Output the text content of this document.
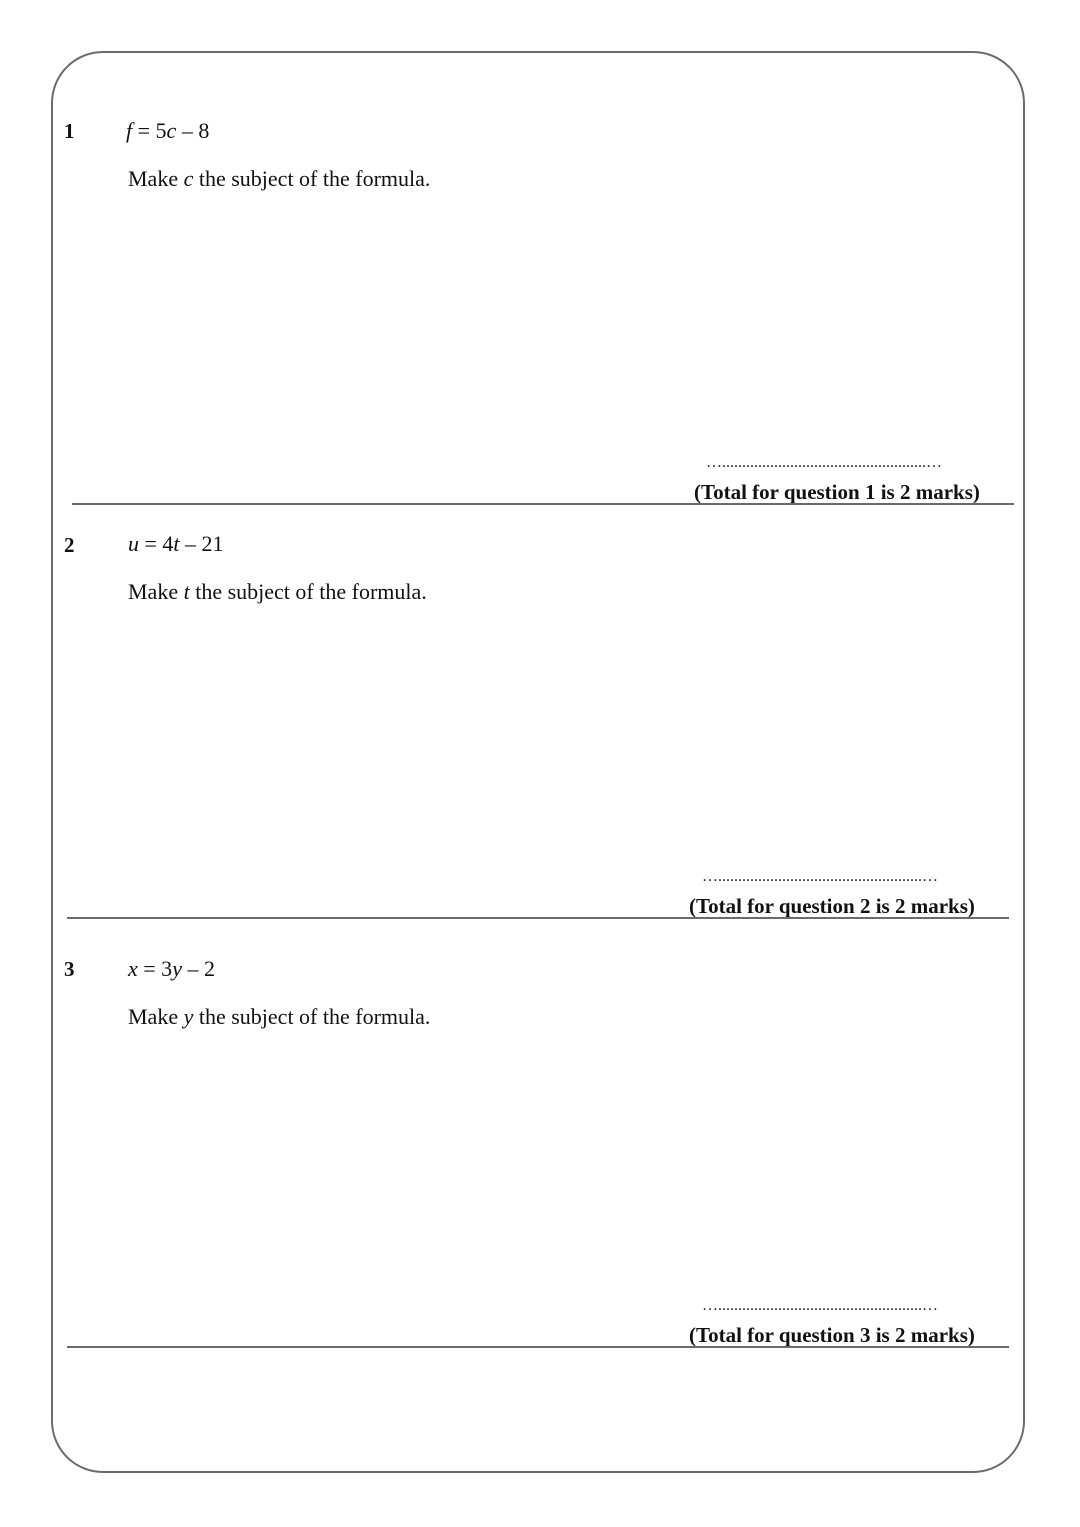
1 f = 5c – 8
Make c the subject of the formula.
…...................................................…
(Total for question 1 is 2 marks)
2 u = 4t – 21
Make t the subject of the formula.
…...................................................…
(Total for question 2 is 2 marks)
3 x = 3y – 2
Make y the subject of the formula.
…...................................................…
(Total for question 3 is 2 marks)
